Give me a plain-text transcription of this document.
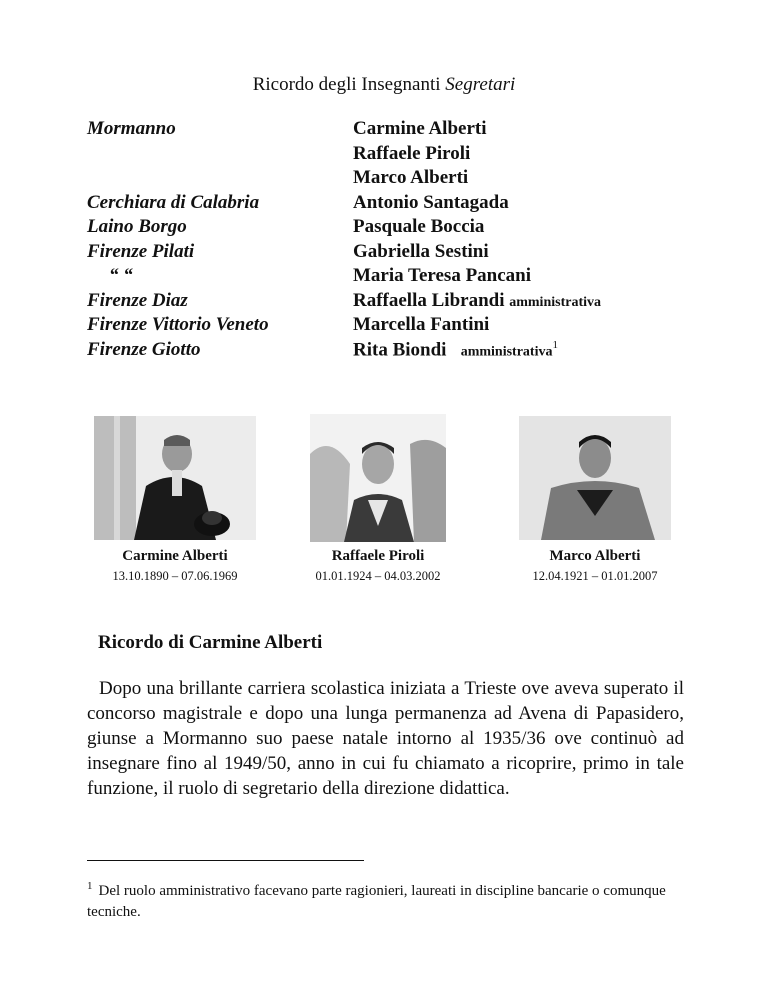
Ricordo degli Insegnanti Segretari
Mormanno	Carmine Alberti
Raffaele Piroli
Marco Alberti
Cerchiara di Calabria	Antonio Santagada
Laino Borgo	Pasquale Boccia
Firenze Pilati	Gabriella Sestini
“ “	Maria Teresa Pancani
Firenze Diaz	Raffaella Librandi amministrativa
Firenze Vittorio Veneto	Marcella Fantini
Firenze Giotto	Rita Biondi amministrativa$^1$
Carmine Alberti
13.10.1890 – 07.06.1969
Raffaele Piroli
01.01.1924 – 04.03.2002
Marco Alberti
12.04.1921 – 01.01.2007
Ricordo di Carmine Alberti

Dopo una brillante carriera scolastica iniziata a Trieste ove aveva superato il concorso magistrale e dopo una lunga permanenza ad Avena di Papasidero, giunse a Mormanno suo paese natale intorno al 1935/36 ove continuò ad insegnare fino al 1949/50, anno in cui fu chiamato a ricoprire, primo in tale funzione, il ruolo di segretario della direzione didattica.

$^1$ Del ruolo amministrativo facevano parte ragionieri, laureati in discipline bancarie o comunque tecniche.
